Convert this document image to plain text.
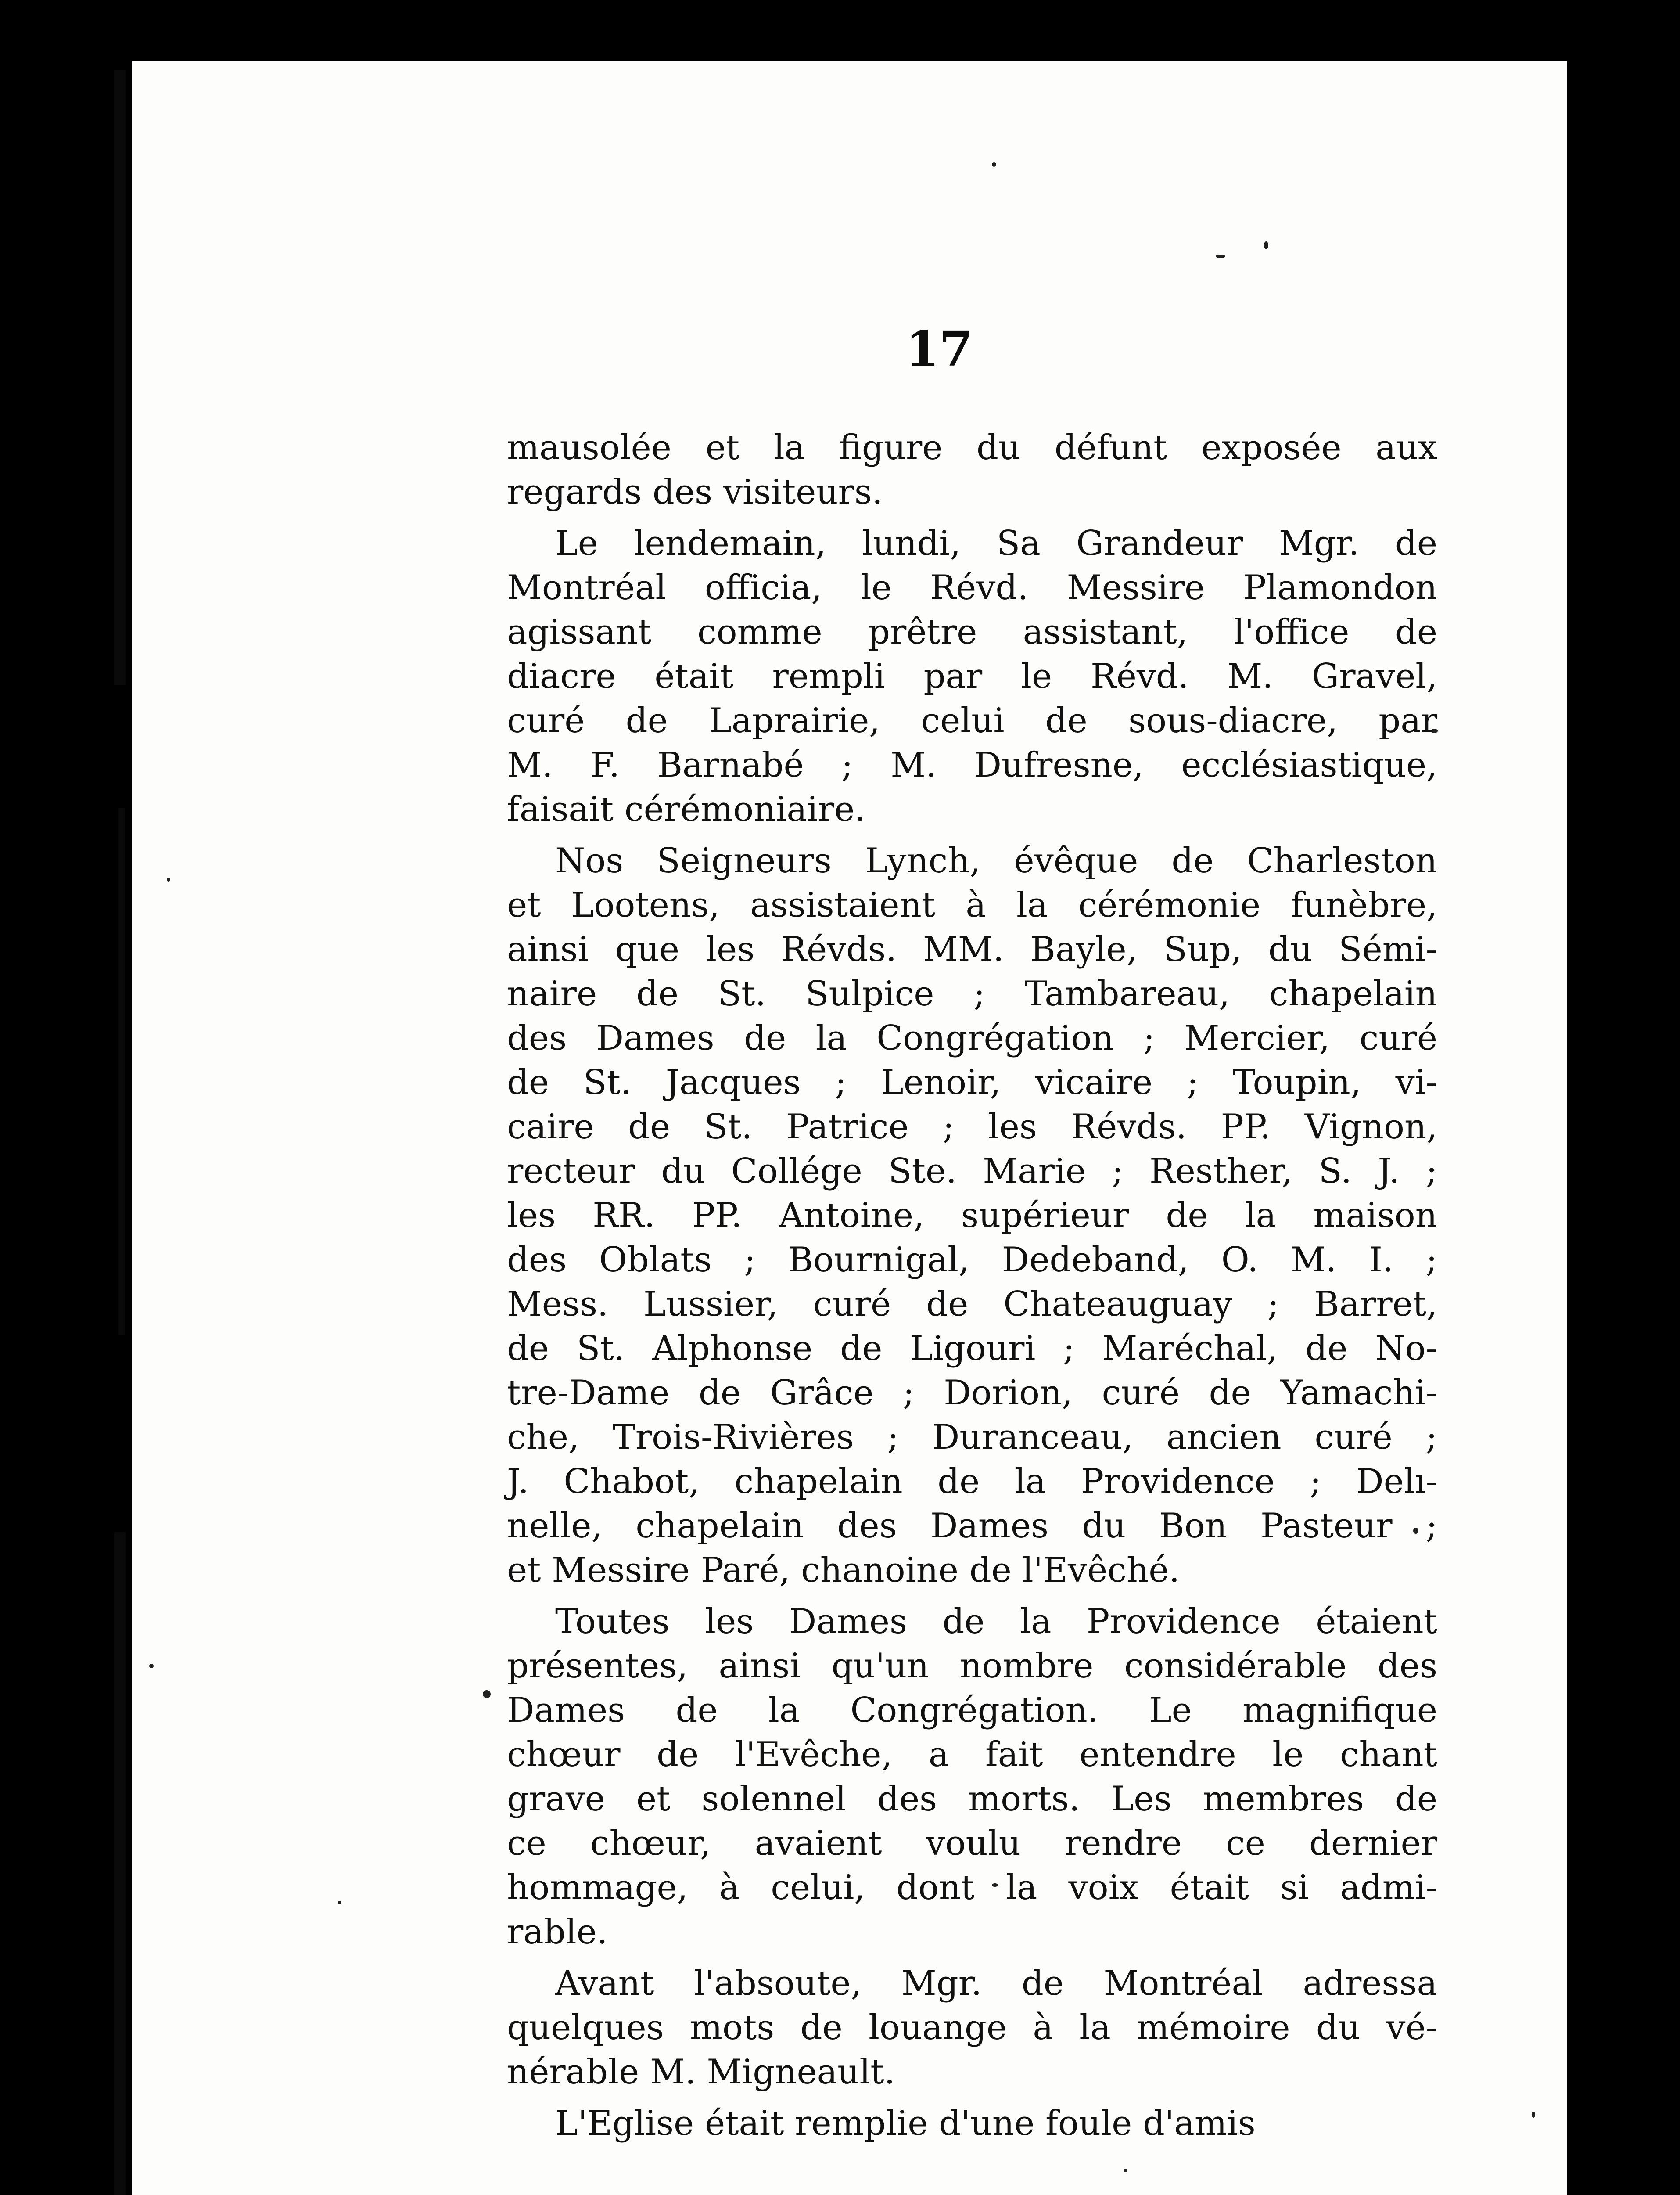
17
mausolée et la figure du défunt exposée aux
regards des visiteurs.
Le lendemain, lundi, Sa Grandeur Mgr. de
Montréal officia, le Révd. Messire Plamondon
agissant comme prêtre assistant, l'office de
diacre était rempli par le Révd. M. Gravel,
curé de Laprairie, celui de sous-diacre, par
M. F. Barnabé ; M. Dufresne, ecclésiastique,
faisait cérémoniaire.
Nos Seigneurs Lynch, évêque de Charleston
et Lootens, assistaient à la cérémonie funèbre,
ainsi que les Révds. MM. Bayle, Sup, du Sémi-
naire de St. Sulpice ; Tambareau, chapelain
des Dames de la Congrégation ; Mercier, curé
de St. Jacques ; Lenoir, vicaire ; Toupin, vi-
caire de St. Patrice ; les Révds. PP. Vignon,
recteur du Collége Ste. Marie ; Resther, S. J. ;
les RR. PP. Antoine, supérieur de la maison
des Oblats ; Bournigal, Dedeband, O. M. I. ;
Mess. Lussier, curé de Chateauguay ; Barret,
de St. Alphonse de Ligouri ; Maréchal, de No-
tre-Dame de Grâce ; Dorion, curé de Yamachi-
che, Trois-Rivières ; Duranceau, ancien curé ;
J. Chabot, chapelain de la Providence ; Delı-
nelle, chapelain des Dames du Bon Pasteur ;
et Messire Paré, chanoine de l'Evêché.
Toutes les Dames de la Providence étaient
présentes, ainsi qu'un nombre considérable des
Dames de la Congrégation. Le magnifique
chœur de l'Evêche, a fait entendre le chant
grave et solennel des morts. Les membres de
ce chœur, avaient voulu rendre ce dernier
hommage, à celui, dont la voix était si admi-
rable.
Avant l'absoute, Mgr. de Montréal adressa
quelques mots de louange à la mémoire du vé-
nérable M. Migneault.
L'Eglise était remplie d'une foule d'amis
